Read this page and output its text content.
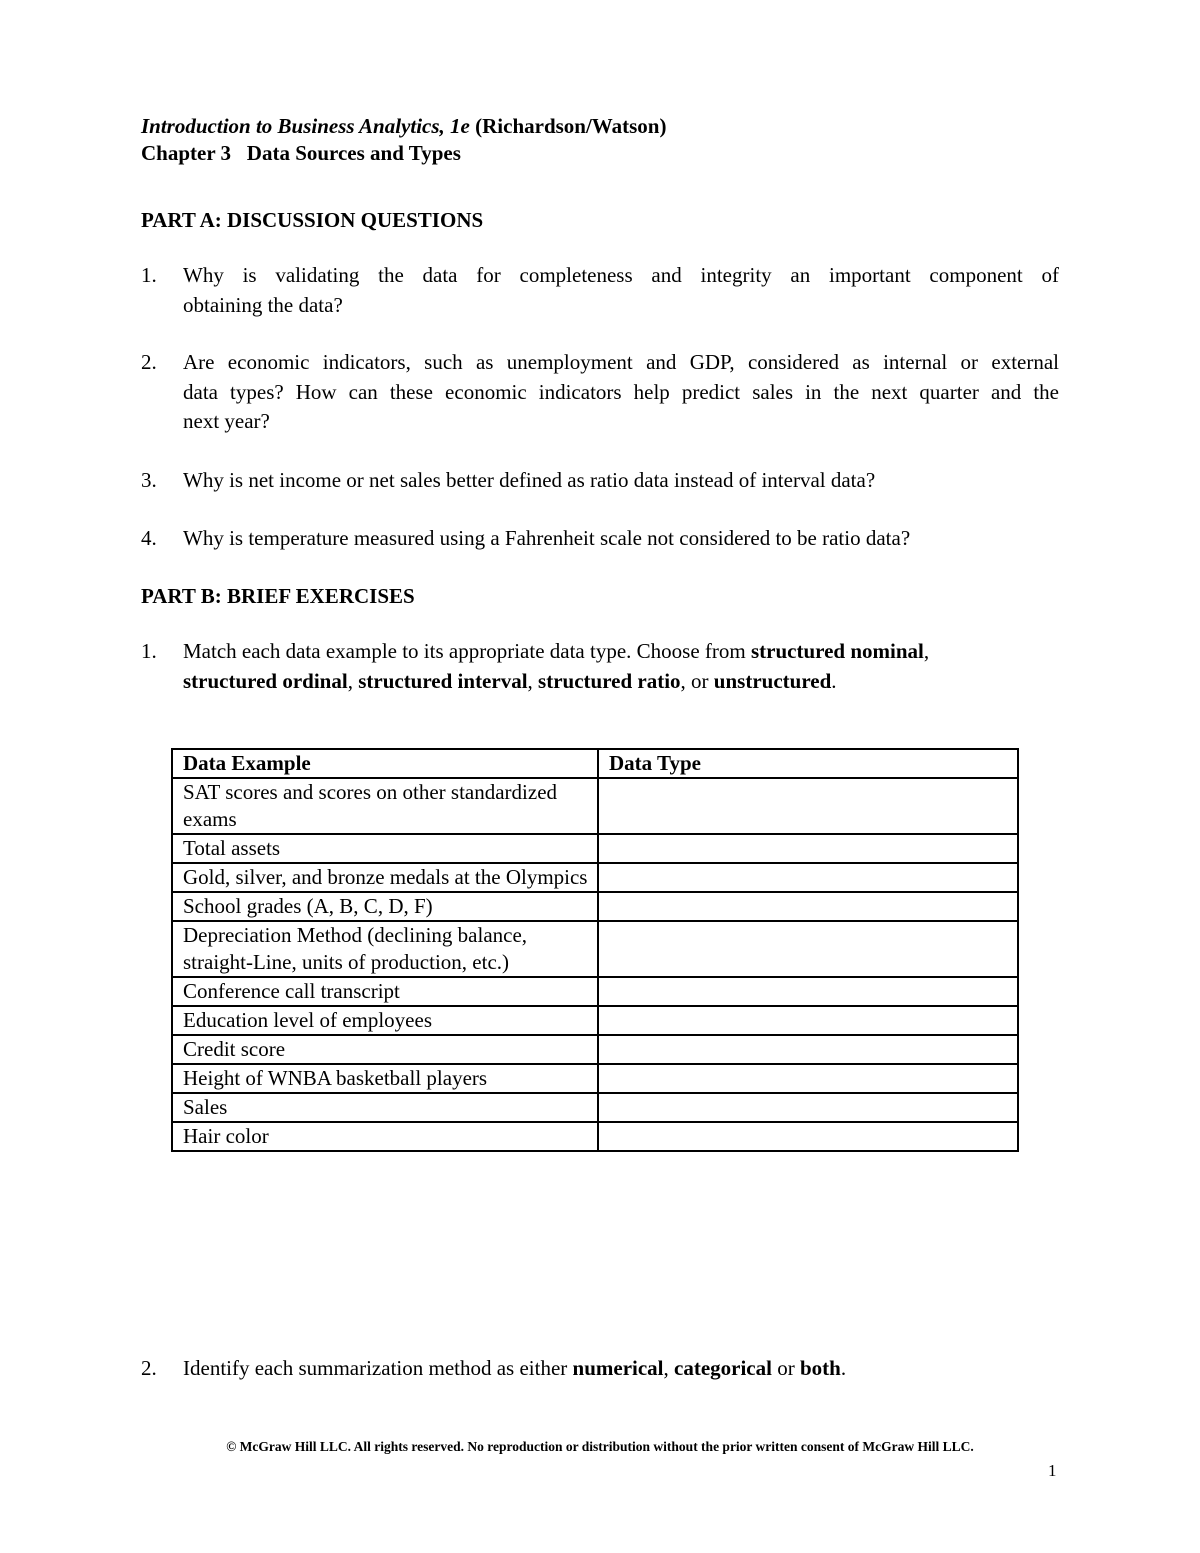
Introduction to Business Analytics, 1e (Richardson/Watson)
Chapter 3   Data Sources and Types
PART A: DISCUSSION QUESTIONS
1. Why is validating the data for completeness and integrity an important component of
obtaining the data?
2. Are economic indicators, such as unemployment and GDP, considered as internal or external
data types? How can these economic indicators help predict sales in the next quarter and the
next year?
3. Why is net income or net sales better defined as ratio data instead of interval data?
4. Why is temperature measured using a Fahrenheit scale not considered to be ratio data?
PART B: BRIEF EXERCISES
1. Match each data example to its appropriate data type. Choose from structured nominal,
structured ordinal, structured interval, structured ratio, or unstructured.
Data Example	Data Type
SAT scores and scores on other standardized exams	
Total assets	
Gold, silver, and bronze medals at the Olympics	
School grades (A, B, C, D, F)	
Depreciation Method (declining balance, straight-Line, units of production, etc.)	
Conference call transcript	
Education level of employees	
Credit score	
Height of WNBA basketball players	
Sales	
Hair color	
2. Identify each summarization method as either numerical, categorical or both.
© McGraw Hill LLC. All rights reserved. No reproduction or distribution without the prior written consent of McGraw Hill LLC.
1
